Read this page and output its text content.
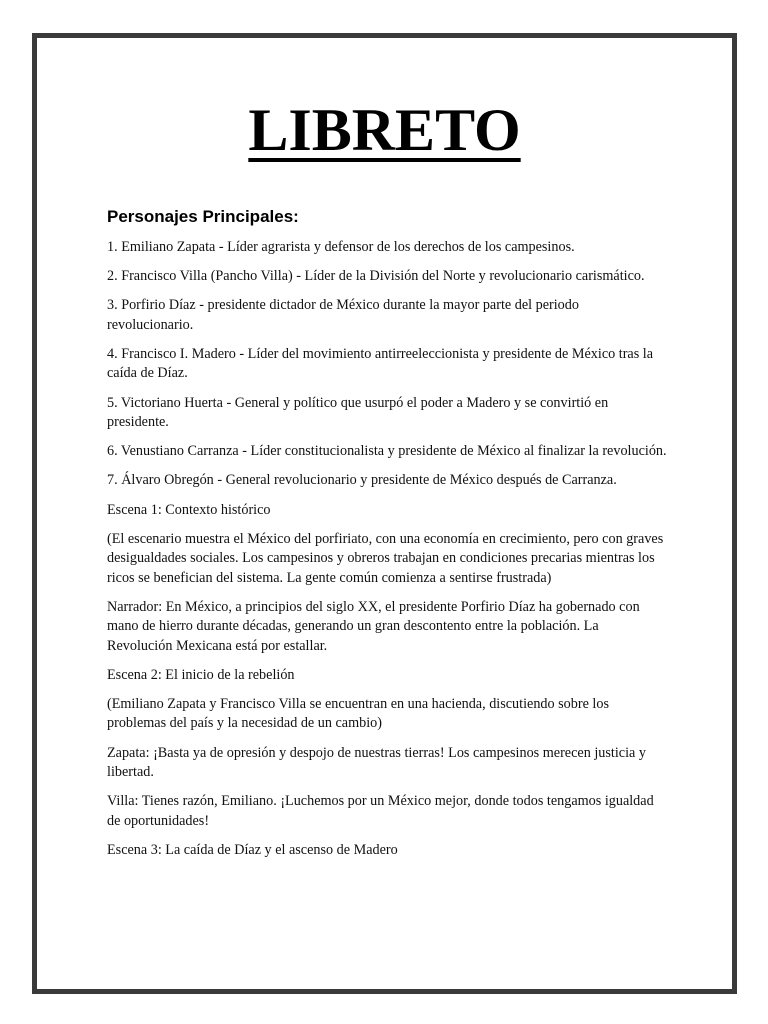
LIBRETO
Personajes Principales:

1. Emiliano Zapata - Líder agrarista y defensor de los derechos de los campesinos.

2. Francisco Villa (Pancho Villa) - Líder de la División del Norte y revolucionario carismático.

3. Porfirio Díaz - presidente dictador de México durante la mayor parte del periodo revolucionario.

4. Francisco I. Madero - Líder del movimiento antirreeleccionista y presidente de México tras la caída de Díaz.

5. Victoriano Huerta - General y político que usurpó el poder a Madero y se convirtió en presidente.

6. Venustiano Carranza - Líder constitucionalista y presidente de México al finalizar la revolución.

7. Álvaro Obregón - General revolucionario y presidente de México después de Carranza.

Escena 1: Contexto histórico

(El escenario muestra el México del porfiriato, con una economía en crecimiento, pero con graves desigualdades sociales. Los campesinos y obreros trabajan en condiciones precarias mientras los ricos se benefician del sistema. La gente común comienza a sentirse frustrada)

Narrador: En México, a principios del siglo XX, el presidente Porfirio Díaz ha gobernado con mano de hierro durante décadas, generando un gran descontento entre la población. La Revolución Mexicana está por estallar.

Escena 2: El inicio de la rebelión

(Emiliano Zapata y Francisco Villa se encuentran en una hacienda, discutiendo sobre los problemas del país y la necesidad de un cambio)

Zapata: ¡Basta ya de opresión y despojo de nuestras tierras! Los campesinos merecen justicia y libertad.

Villa: Tienes razón, Emiliano. ¡Luchemos por un México mejor, donde todos tengamos igualdad de oportunidades!

Escena 3: La caída de Díaz y el ascenso de Madero
